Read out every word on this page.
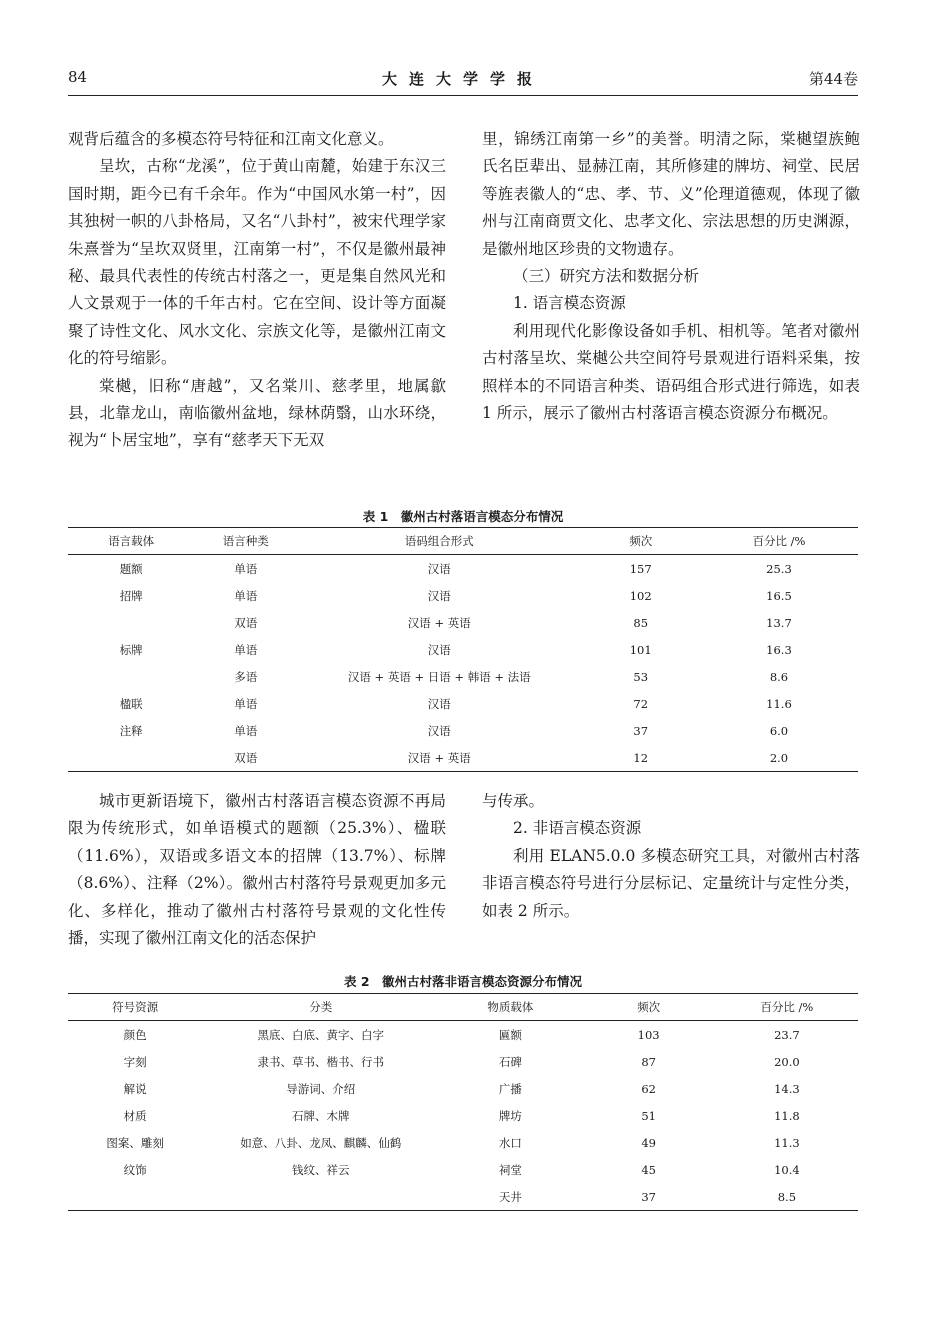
84	大连大学学报	第44卷

观背后蕴含的多模态符号特征和江南文化意义。

呈坎，古称“龙溪”，位于黄山南麓，始建于东汉三国时期，距今已有千余年。作为“中国风水第一村”，因其独树一帜的八卦格局，又名“八卦村”，被宋代理学家朱熹誉为“呈坎双贤里，江南第一村”，不仅是徽州最神秘、最具代表性的传统古村落之一，更是集自然风光和人文景观于一体的千年古村。它在空间、设计等方面凝聚了诗性文化、风水文化、宗族文化等，是徽州江南文化的符号缩影。

棠樾，旧称“唐越”，又名棠川、慈孝里，地属歙县，北靠龙山，南临徽州盆地，绿林荫翳，山水环绕，视为“卜居宝地”，享有“慈孝天下无双

里，锦绣江南第一乡”的美誉。明清之际，棠樾望族鲍氏名臣辈出、显赫江南，其所修建的牌坊、祠堂、民居等旌表徽人的“忠、孝、节、义”伦理道德观，体现了徽州与江南商贾文化、忠孝文化、宗法思想的历史渊源，是徽州地区珍贵的文物遗存。

（三）研究方法和数据分析

1. 语言模态资源

利用现代化影像设备如手机、相机等。笔者对徽州古村落呈坎、棠樾公共空间符号景观进行语料采集，按照样本的不同语言种类、语码组合形式进行筛选，如表 1 所示，展示了徽州古村落语言模态资源分布概况。

表 1　徽州古村落语言模态分布情况
语言载体	语言种类	语码组合形式	频次	百分比 /%
题额	单语	汉语	157	25.3
招牌	单语	汉语	102	16.5
	双语	汉语 + 英语	85	13.7
标牌	单语	汉语	101	16.3
	多语	汉语 + 英语 + 日语 + 韩语 + 法语	53	8.6
楹联	单语	汉语	72	11.6
注释	单语	汉语	37	6.0
	双语	汉语 + 英语	12	2.0

城市更新语境下，徽州古村落语言模态资源不再局限为传统形式，如单语模式的题额（25.3%）、楹联（11.6%），双语或多语文本的招牌（13.7%）、标牌（8.6%）、注释（2%）。徽州古村落符号景观更加多元化、多样化，推动了徽州古村落符号景观的文化性传播，实现了徽州江南文化的活态保护

与传承。

2. 非语言模态资源

利用 ELAN5.0.0 多模态研究工具，对徽州古村落非语言模态符号进行分层标记、定量统计与定性分类，如表 2 所示。

表 2　徽州古村落非语言模态资源分布情况
符号资源	分类	物质载体	频次	百分比 /%
颜色	黑底、白底、黄字、白字	匾额	103	23.7
字刻	隶书、草书、楷书、行书	石碑	87	20.0
解说	导游词、介绍	广播	62	14.3
材质	石牌、木牌	牌坊	51	11.8
图案、雕刻	如意、八卦、龙凤、麒麟、仙鹤	水口	49	11.3
纹饰	钱纹、祥云	祠堂	45	10.4
		天井	37	8.5
